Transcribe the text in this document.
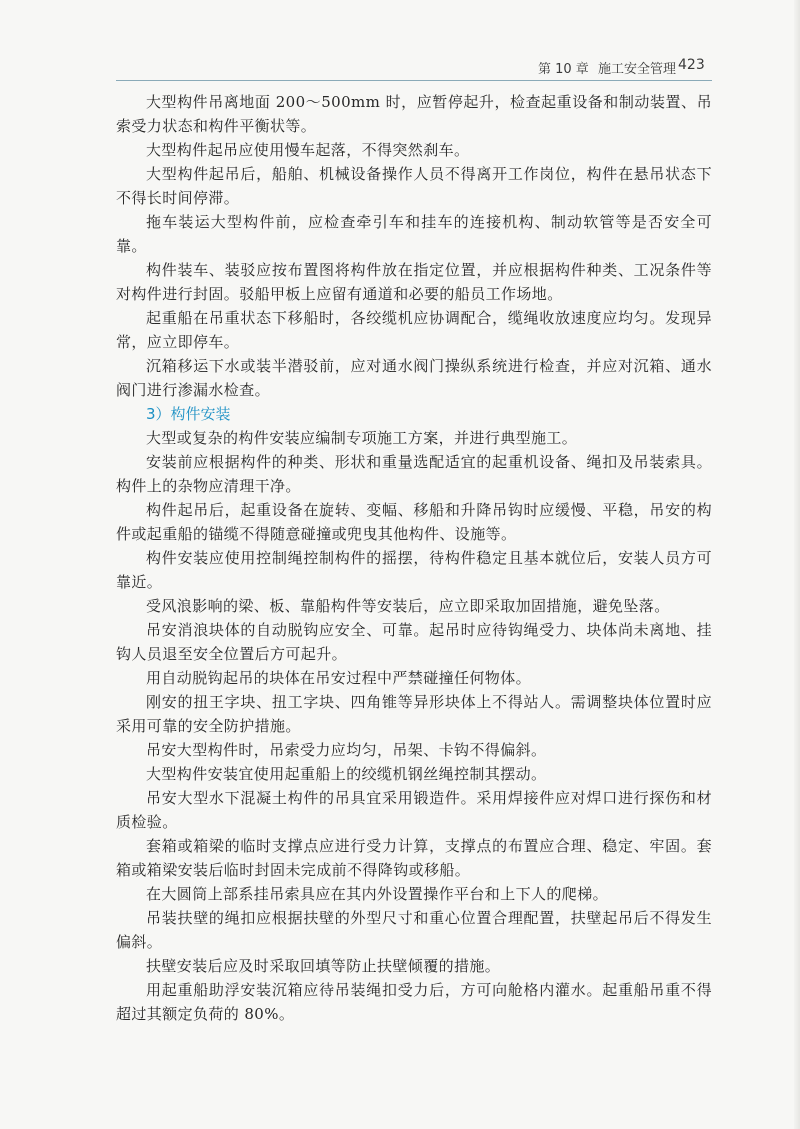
第 10 章 施工安全管理 423

大型构件吊离地面 200～500mm 时，应暂停起升，检查起重设备和制动装置、吊索受力状态和构件平衡状等。

大型构件起吊应使用慢车起落，不得突然刹车。

大型构件起吊后，船舶、机械设备操作人员不得离开工作岗位，构件在悬吊状态下不得长时间停滞。

拖车装运大型构件前，应检查牵引车和挂车的连接机构、制动软管等是否安全可靠。

构件装车、装驳应按布置图将构件放在指定位置，并应根据构件种类、工况条件等对构件进行封固。驳船甲板上应留有通道和必要的船员工作场地。

起重船在吊重状态下移船时，各绞缆机应协调配合，缆绳收放速度应均匀。发现异常，应立即停车。

沉箱移运下水或装半潜驳前，应对通水阀门操纵系统进行检查，并应对沉箱、通水阀门进行渗漏水检查。

3）构件安装

大型或复杂的构件安装应编制专项施工方案，并进行典型施工。

安装前应根据构件的种类、形状和重量选配适宜的起重机设备、绳扣及吊装索具。构件上的杂物应清理干净。

构件起吊后，起重设备在旋转、变幅、移船和升降吊钩时应缓慢、平稳，吊安的构件或起重船的锚缆不得随意碰撞或兜曳其他构件、设施等。

构件安装应使用控制绳控制构件的摇摆，待构件稳定且基本就位后，安装人员方可靠近。

受风浪影响的梁、板、靠船构件等安装后，应立即采取加固措施，避免坠落。

吊安消浪块体的自动脱钩应安全、可靠。起吊时应待钩绳受力、块体尚未离地、挂钩人员退至安全位置后方可起升。

用自动脱钩起吊的块体在吊安过程中严禁碰撞任何物体。

刚安的扭王字块、扭工字块、四角锥等异形块体上不得站人。需调整块体位置时应采用可靠的安全防护措施。

吊安大型构件时，吊索受力应均匀，吊架、卡钩不得偏斜。

大型构件安装宜使用起重船上的绞缆机钢丝绳控制其摆动。

吊安大型水下混凝土构件的吊具宜采用锻造件。采用焊接件应对焊口进行探伤和材质检验。

套箱或箱梁的临时支撑点应进行受力计算，支撑点的布置应合理、稳定、牢固。套箱或箱梁安装后临时封固未完成前不得降钩或移船。

在大圆筒上部系挂吊索具应在其内外设置操作平台和上下人的爬梯。

吊装扶壁的绳扣应根据扶壁的外型尺寸和重心位置合理配置，扶壁起吊后不得发生偏斜。

扶壁安装后应及时采取回填等防止扶壁倾覆的措施。

用起重船助浮安装沉箱应待吊装绳扣受力后，方可向舱格内灌水。起重船吊重不得超过其额定负荷的 80%。
